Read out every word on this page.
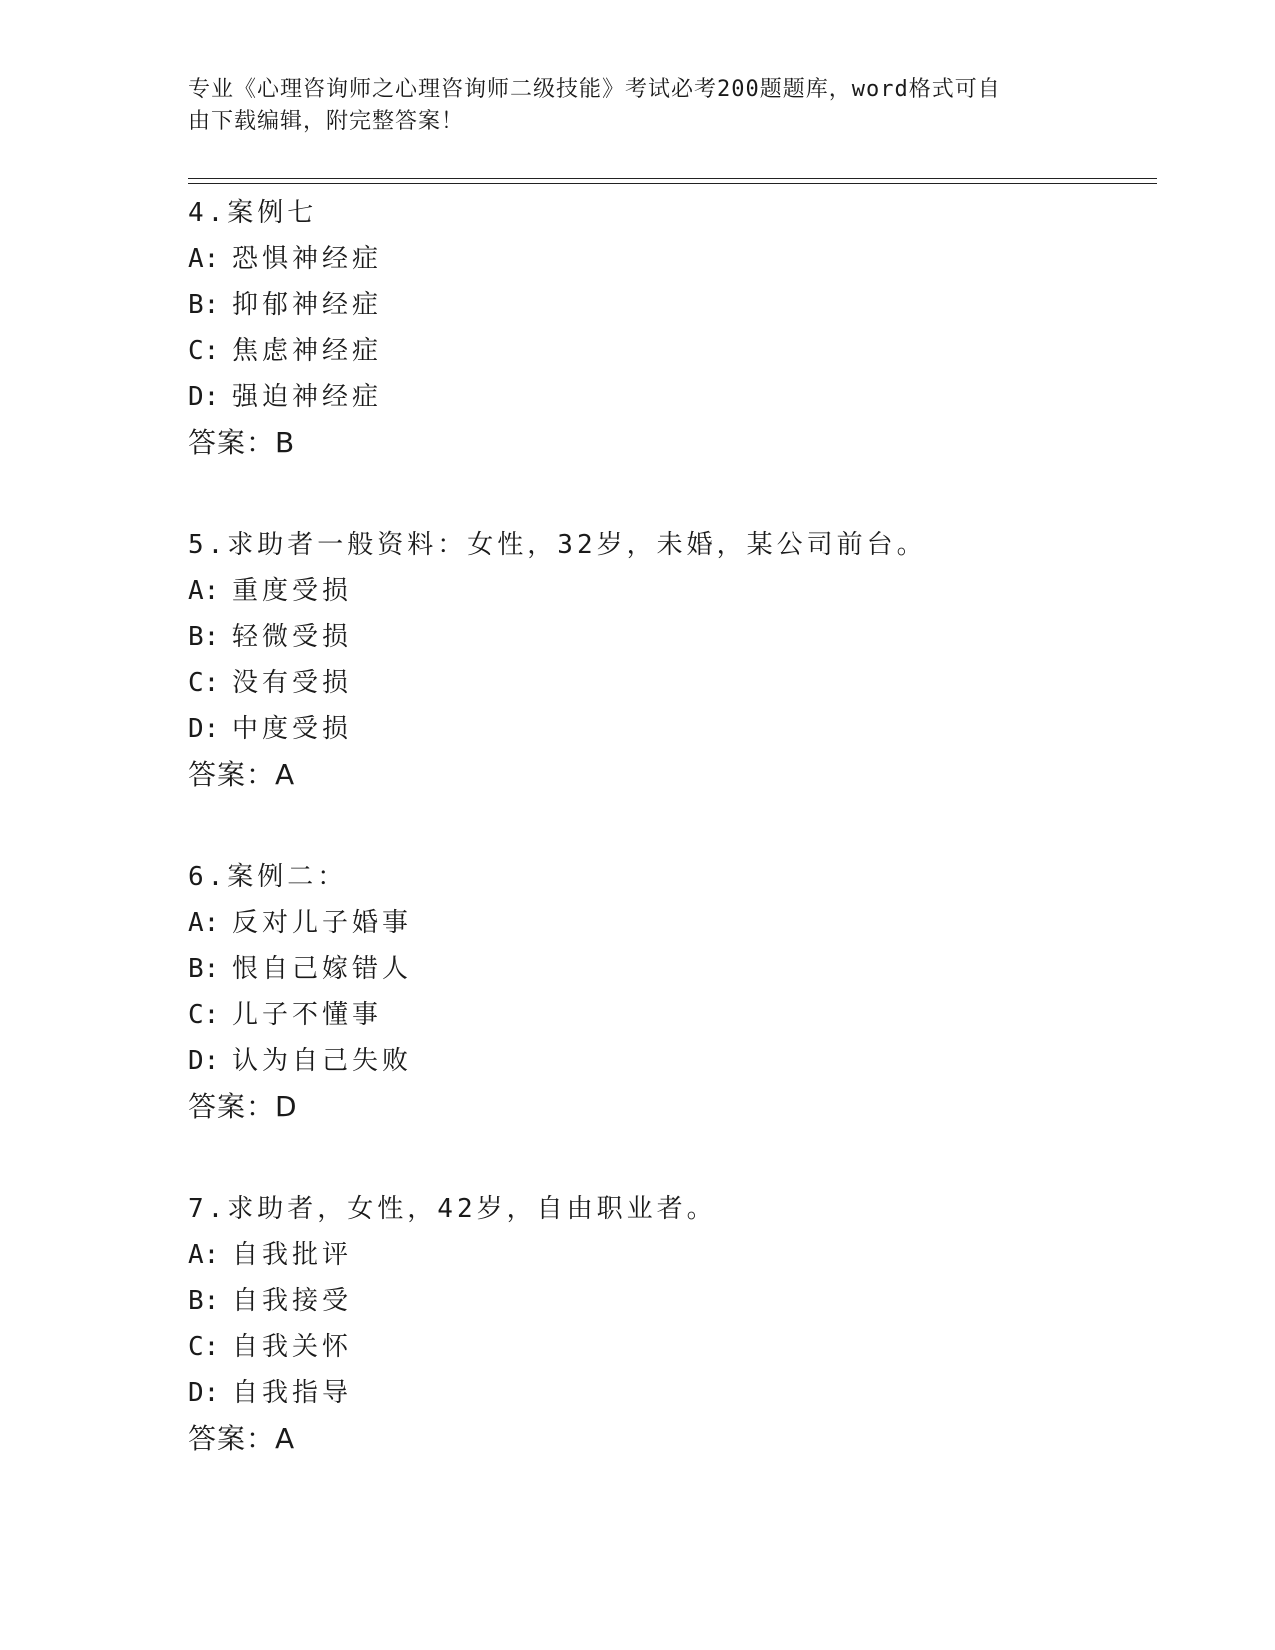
专业《心理咨询师之心理咨询师二级技能》考试必考200题题库，word格式可自
由下载编辑，附完整答案！
4.案例七
A: 恐惧神经症
B: 抑郁神经症
C: 焦虑神经症
D: 强迫神经症
答案：B
5.求助者一般资料：女性，32岁，未婚，某公司前台。
A: 重度受损
B: 轻微受损
C: 没有受损
D: 中度受损
答案：A
6.案例二：
A: 反对儿子婚事
B: 恨自己嫁错人
C: 儿子不懂事
D: 认为自己失败
答案：D
7.求助者，女性，42岁，自由职业者。
A: 自我批评
B: 自我接受
C: 自我关怀
D: 自我指导
答案：A
